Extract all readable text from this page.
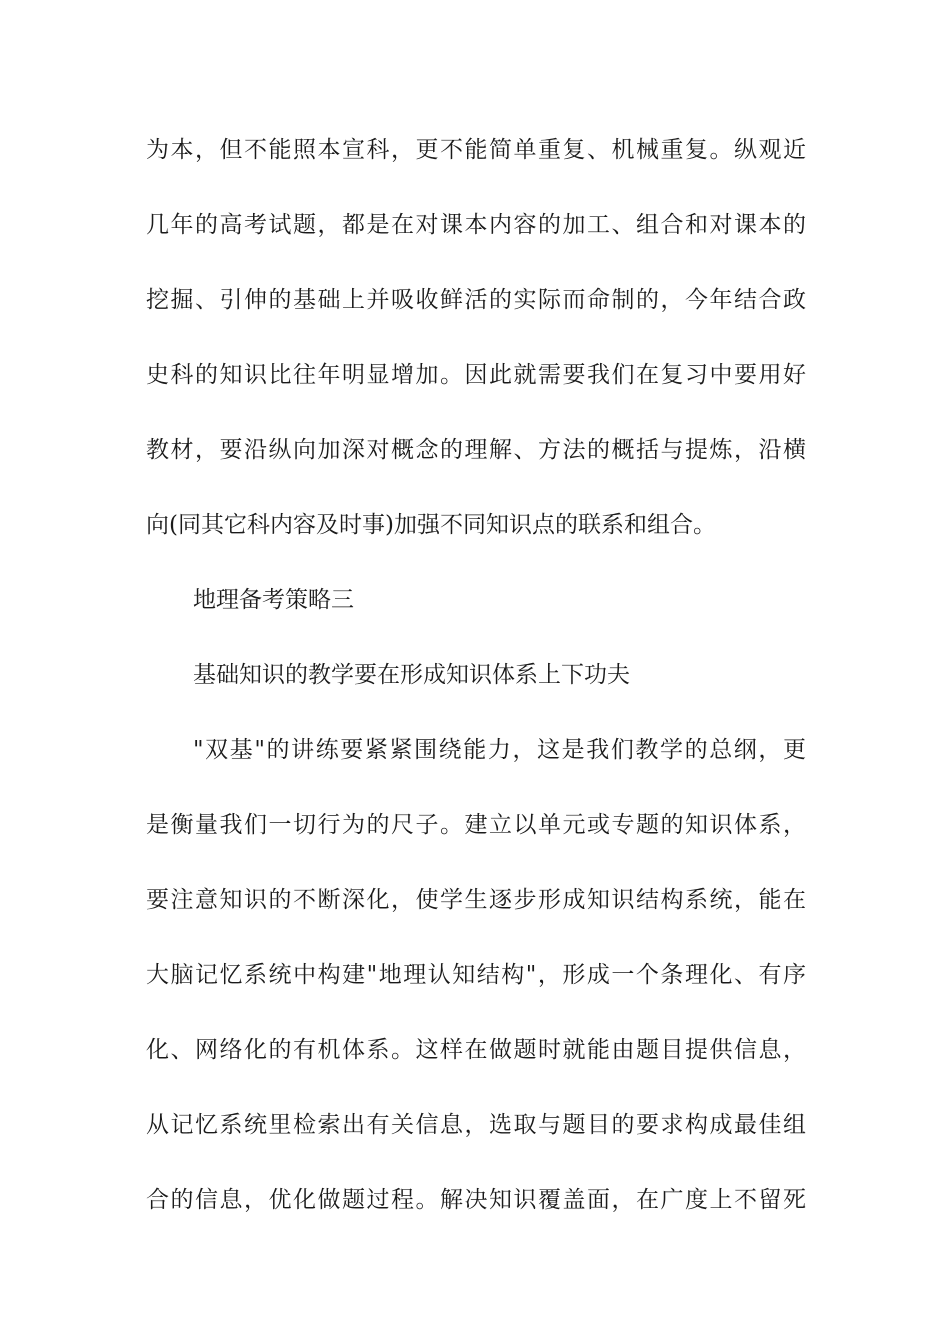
为本，但不能照本宣科，更不能简单重复、机械重复。纵观近
几年的高考试题，都是在对课本内容的加工、组合和对课本的
挖掘、引伸的基础上并吸收鲜活的实际而命制的，今年结合政
史科的知识比往年明显增加。因此就需要我们在复习中要用好
教材，要沿纵向加深对概念的理解、方法的概括与提炼，沿横
向(同其它科内容及时事)加强不同知识点的联系和组合。
地理备考策略三
基础知识的教学要在形成知识体系上下功夫
"双基"的讲练要紧紧围绕能力，这是我们教学的总纲，更
是衡量我们一切行为的尺子。建立以单元或专题的知识体系，
要注意知识的不断深化，使学生逐步形成知识结构系统，能在
大脑记忆系统中构建"地理认知结构"，形成一个条理化、有序
化、网络化的有机体系。这样在做题时就能由题目提供信息，
从记忆系统里检索出有关信息，选取与题目的要求构成最佳组
合的信息，优化做题过程。解决知识覆盖面，在广度上不留死
